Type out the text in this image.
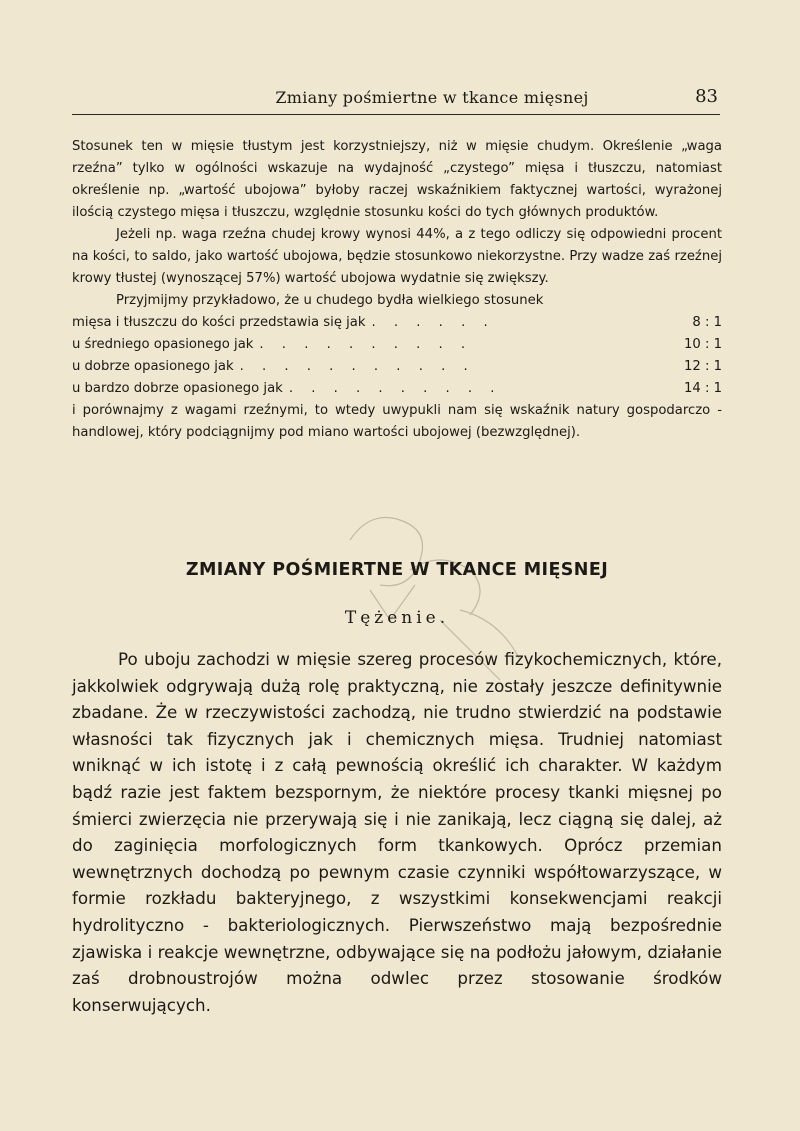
Zmiany pośmiertne w tkance mięsnej	83

Stosunek ten w mięsie tłustym jest korzystniejszy, niż w mięsie chudym. Określenie „waga rzeźna” tylko w ogólności wskazuje na wydajność „czystego” mięsa i tłuszczu, natomiast określenie np. „wartość ubojowa” byłoby raczej wskaźnikiem faktycznej wartości, wyrażonej ilością czystego mięsa i tłuszczu, względnie stosunku kości do tych głównych produktów.

Jeżeli np. waga rzeźna chudej krowy wynosi 44%, a z tego odliczy się odpowiedni procent na kości, to saldo, jako wartość ubojowa, będzie stosunkowo niekorzystne. Przy wadze zaś rzeźnej krowy tłustej (wynoszącej 57%) wartość ubojowa wydatnie się zwiększy.

Przyjmijmy przykładowo, że u chudego bydła wielkiego stosunek

mięsa i tłuszczu do kości przedstawia się jak . . . . . .	8 : 1
u średniego opasionego jak . . . . . . . . . .	10 : 1
u dobrze opasionego jak . . . . . . . . . . .	12 : 1
u bardzo dobrze opasionego jak . . . . . . . . . .	14 : 1

i porównajmy z wagami rzeźnymi, to wtedy uwypukli nam się wskaźnik natury gospodarczo - handlowej, który podciągnijmy pod miano wartości ubojowej (bezwzględnej).

ZMIANY POŚMIERTNE W TKANCE MIĘSNEJ
Tężenie.

Po uboju zachodzi w mięsie szereg procesów fizykochemicznych, które, jakkolwiek odgrywają dużą rolę praktyczną, nie zostały jeszcze definitywnie zbadane. Że w rzeczywistości zachodzą, nie trudno stwierdzić na podstawie własności tak fizycznych jak i chemicznych mięsa. Trudniej natomiast wniknąć w ich istotę i z całą pewnością określić ich charakter. W każdym bądź razie jest faktem bezspornym, że niektóre procesy tkanki mięsnej po śmierci zwierzęcia nie przerywają się i nie zanikają, lecz ciągną się dalej, aż do zaginięcia morfologicznych form tkankowych. Oprócz przemian wewnętrznych dochodzą po pewnym czasie czynniki współtowarzyszące, w formie rozkładu bakteryjnego, z wszystkimi konsekwencjami reakcji hydrolityczno - bakteriologicznych. Pierwszeństwo mają bezpośrednie zjawiska i reakcje wewnętrzne, odbywające się na podłożu jałowym, działanie zaś drobnoustrojów można odwlec przez stosowanie środków konserwujących.
